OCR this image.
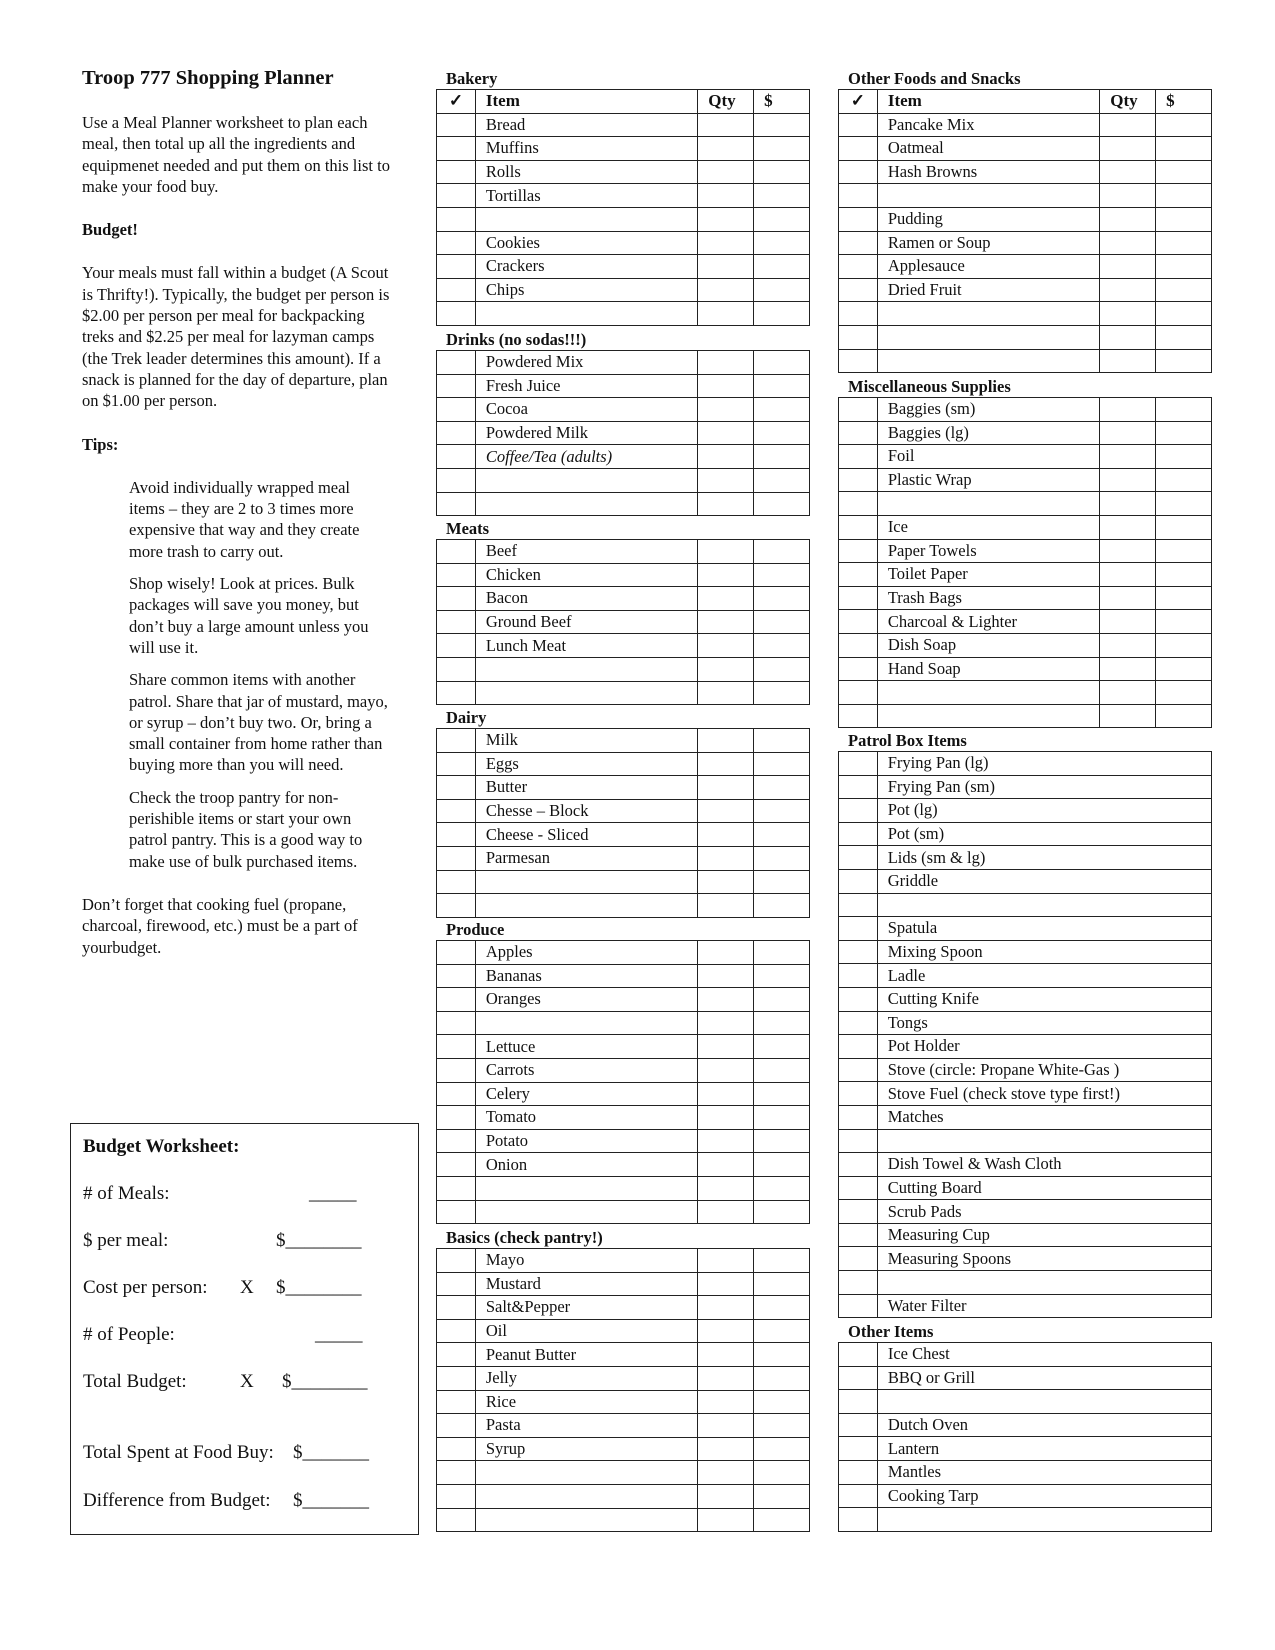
Troop 777 Shopping Planner

Use a Meal Planner worksheet to plan each meal, then total up all the ingredients and equipmenet needed and put them on this list to make your food buy.

Budget!

Your meals must fall within a budget (A Scout is Thrifty!). Typically, the budget per person is $2.00 per person per meal for backpacking treks and $2.25 per meal for lazyman camps (the Trek leader determines this amount). If a snack is planned for the day of departure, plan on $1.00 per person.

Tips:

Avoid individually wrapped meal items – they are 2 to 3 times more expensive that way and they create more trash to carry out.

Shop wisely! Look at prices. Bulk packages will save you money, but don’t buy a large amount unless you will use it.

Share common items with another patrol. Share that jar of mustard, mayo, or syrup – don’t buy two. Or, bring a small container from home rather than buying more than you will need.

Check the troop pantry for non-perishible items or start your own patrol pantry. This is a good way to make use of bulk purchased items.

Don’t forget that cooking fuel (propane, charcoal, firewood, etc.) must be a part of yourbudget.

Budget Worksheet:
# of Meals:	_____
$ per meal:	$________
Cost per person: X $________
# of People:	_____
Total Budget:	X $________
Total Spent at Food Buy: $_______
Difference from Budget: $_______
Bakery
✓	Item	Qty	$
	Bread		
	Muffins		
	Rolls		
	Tortillas		

	Cookies		
	Crackers		
	Chips		

Drinks (no sodas!!!)
	Powdered Mix		
	Fresh Juice		
	Cocoa		
	Powdered Milk		
	Coffee/Tea (adults)		

Meats
	Beef		
	Chicken		
	Bacon		
	Ground Beef		
	Lunch Meat		

Dairy
	Milk		
	Eggs		
	Butter		
	Chesse – Block		
	Cheese - Sliced		
	Parmesan		

Produce
	Apples		
	Bananas		
	Oranges		

	Lettuce		
	Carrots		
	Celery		
	Tomato		
	Potato		
	Onion		

Basics (check pantry!)
	Mayo		
	Mustard		
	Salt&Pepper		
	Oil		
	Peanut Butter		
	Jelly		
	Rice		
	Pasta		
	Syrup		

Other Foods and Snacks
✓	Item	Qty	$
	Pancake Mix		
	Oatmeal		
	Hash Browns		

	Pudding		
	Ramen or Soup		
	Applesauce		
	Dried Fruit		

Miscellaneous Supplies
	Baggies (sm)		
	Baggies (lg)		
	Foil		
	Plastic Wrap		

	Ice		
	Paper Towels		
	Toilet Paper		
	Trash Bags		
	Charcoal & Lighter		
	Dish Soap		
	Hand Soap		

Patrol Box Items
	Frying Pan (lg)
	Frying Pan (sm)
	Pot (lg)
	Pot (sm)
	Lids (sm & lg)
	Griddle

	Spatula
	Mixing Spoon
	Ladle
	Cutting Knife
	Tongs
	Pot Holder
	Stove (circle: Propane White-Gas )
	Stove Fuel (check stove type first!)
	Matches

	Dish Towel & Wash Cloth
	Cutting Board
	Scrub Pads
	Measuring Cup
	Measuring Spoons

	Water Filter
Other Items
	Ice Chest
	BBQ or Grill

	Dutch Oven
	Lantern
	Mantles
	Cooking Tarp
